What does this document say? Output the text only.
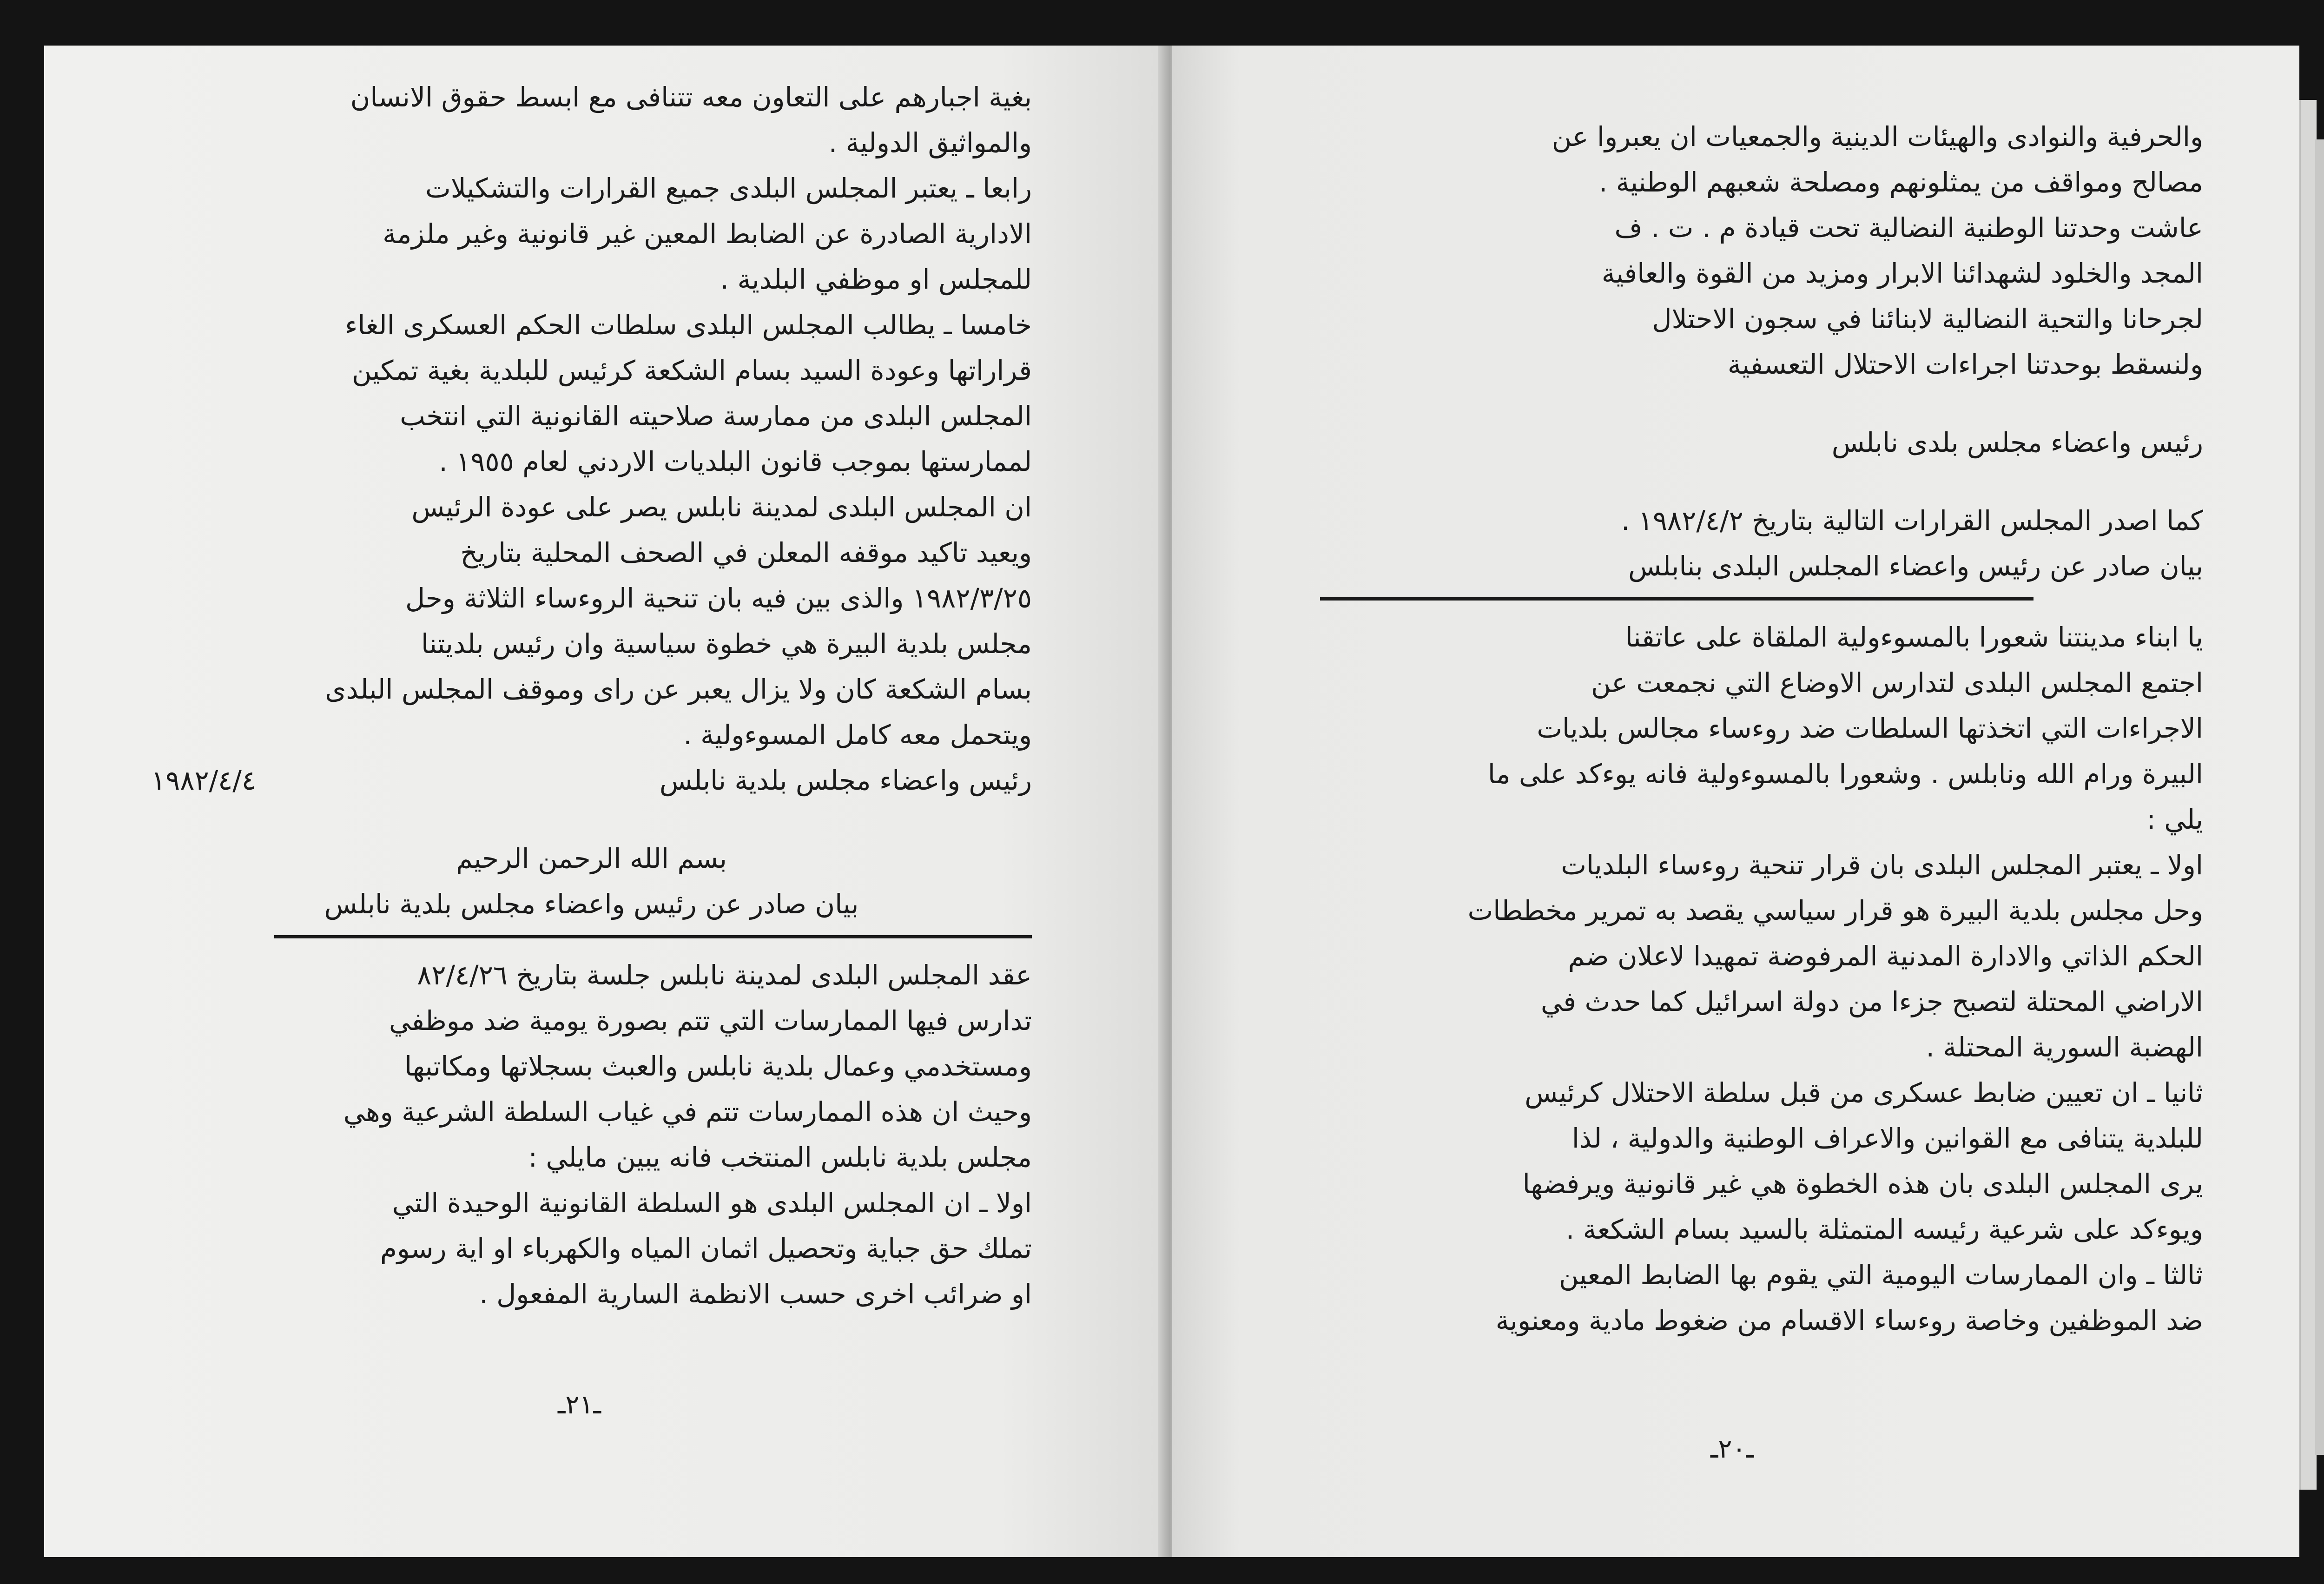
بغية اجبارهم على التعاون معه تتنافى مع ابسط حقوق الانسان

والمواثيق الدولية .

رابعا ـ يعتبر المجلس البلدى جميع القرارات والتشكيلات

الادارية الصادرة عن الضابط المعين غير قانونية وغير ملزمة

للمجلس او موظفي البلدية .

خامسا ـ يطالب المجلس البلدى سلطات الحكم العسكرى الغاء

قراراتها وعودة السيد بسام الشكعة كرئيس للبلدية بغية تمكين

المجلس البلدى من ممارسة صلاحيته القانونية التي انتخب

لممارستها بموجب قانون البلديات الاردني لعام ١٩٥٥ .

ان المجلس البلدى لمدينة نابلس يصر على عودة الرئيس

ويعيد تاكيد موقفه المعلن في الصحف المحلية بتاريخ

١٩٨٢/٣/٢٥ والذى بين فيه بان تنحية الروءساء الثلاثة وحل

مجلس بلدية البيرة هي خطوة سياسية وان رئيس بلديتنا

بسام الشكعة كان ولا يزال يعبر عن راى وموقف المجلس البلدى

ويتحمل معه كامل المسوءولية .

رئيس واعضاء مجلس بلدية نابلس
١٩٨٢/٤/٤

بسم الله الرحمن الرحيم

بيان صادر عن رئيس واعضاء مجلس بلدية نابلس

عقد المجلس البلدى لمدينة نابلس جلسة بتاريخ ٨٢/٤/٢٦

تدارس فيها الممارسات التي تتم بصورة يومية ضد موظفي

ومستخدمي وعمال بلدية نابلس والعبث بسجلاتها ومكاتبها

وحيث ان هذه الممارسات تتم في غياب السلطة الشرعية وهي

مجلس بلدية نابلس المنتخب فانه يبين مايلي :

اولا ـ ان المجلس البلدى هو السلطة القانونية الوحيدة التي

تملك حق جباية وتحصيل اثمان المياه والكهرباء او اية رسوم

او ضرائب اخرى حسب الانظمة السارية المفعول .

ـ٢١ـ

والحرفية والنوادى والهيئات الدينية والجمعيات ان يعبروا عن

مصالح ومواقف من يمثلونهم ومصلحة شعبهم الوطنية .

عاشت وحدتنا الوطنية النضالية تحت قيادة م . ت . ف

المجد والخلود لشهدائنا الابرار ومزيد من القوة والعافية

لجرحانا والتحية النضالية لابنائنا في سجون الاحتلال

ولنسقط بوحدتنا اجراءات الاحتلال التعسفية

رئيس واعضاء مجلس بلدى نابلس

كما اصدر المجلس القرارات التالية بتاريخ ١٩٨٢/٤/٢ .

بيان صادر عن رئيس واعضاء المجلس البلدى بنابلس

يا ابناء مدينتنا شعورا بالمسوءولية الملقاة على عاتقنا

اجتمع المجلس البلدى لتدارس الاوضاع التي نجمعت عن

الاجراءات التي اتخذتها السلطات ضد روءساء مجالس بلديات

البيرة ورام الله ونابلس . وشعورا بالمسوءولية فانه يوءكد على ما

يلي :

اولا ـ يعتبر المجلس البلدى بان قرار تنحية روءساء البلديات

وحل مجلس بلدية البيرة هو قرار سياسي يقصد به تمرير مخططات

الحكم الذاتي والادارة المدنية المرفوضة تمهيدا لاعلان ضم

الاراضي المحتلة لتصبح جزءا من دولة اسرائيل كما حدث في

الهضبة السورية المحتلة .

ثانيا ـ ان تعيين ضابط عسكرى من قبل سلطة الاحتلال كرئيس

للبلدية يتنافى مع القوانين والاعراف الوطنية والدولية ، لذا

يرى المجلس البلدى بان هذه الخطوة هي غير قانونية ويرفضها

ويوءكد على شرعية رئيسه المتمثلة بالسيد بسام الشكعة .

ثالثا ـ وان الممارسات اليومية التي يقوم بها الضابط المعين

ضد الموظفين وخاصة روءساء الاقسام من ضغوط مادية ومعنوية

ـ٢٠ـ
